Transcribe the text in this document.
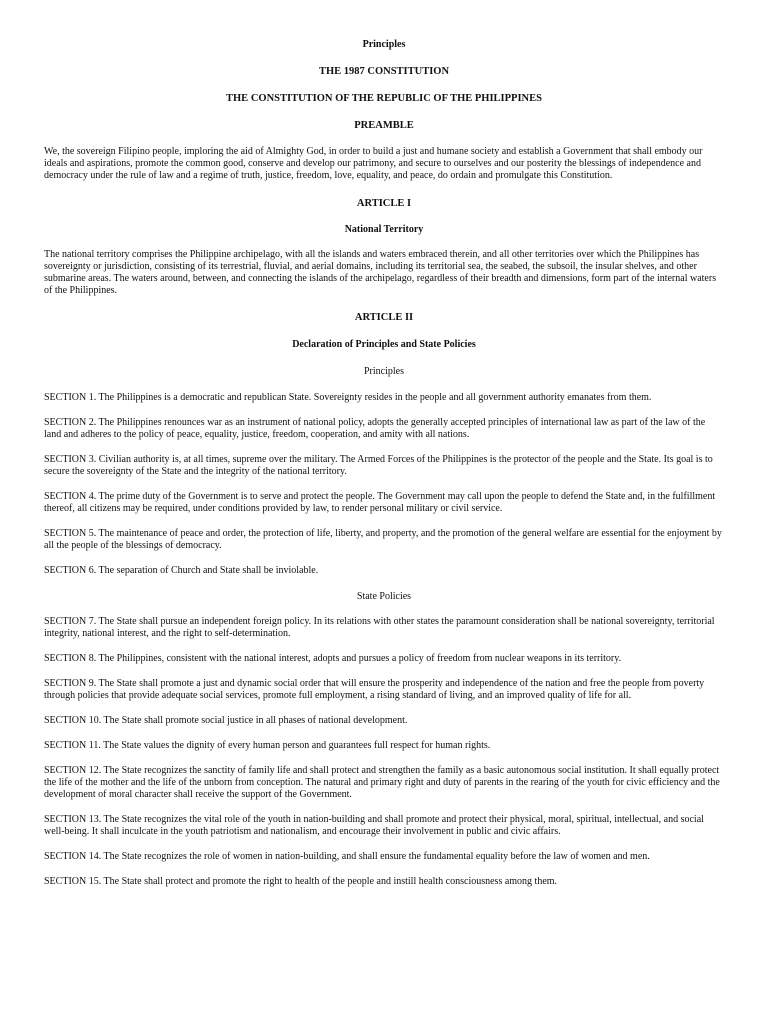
Principles

THE 1987 CONSTITUTION

THE CONSTITUTION OF THE REPUBLIC OF THE PHILIPPINES

PREAMBLE

We, the sovereign Filipino people, imploring the aid of Almighty God, in order to build a just and humane society and establish a Government that shall embody our ideals and aspirations, promote the common good, conserve and develop our patrimony, and secure to ourselves and our posterity the blessings of independence and democracy under the rule of law and a regime of truth, justice, freedom, love, equality, and peace, do ordain and promulgate this Constitution.

ARTICLE I

National Territory

The national territory comprises the Philippine archipelago, with all the islands and waters embraced therein, and all other territories over which the Philippines has sovereignty or jurisdiction, consisting of its terrestrial, fluvial, and aerial domains, including its territorial sea, the seabed, the subsoil, the insular shelves, and other submarine areas. The waters around, between, and connecting the islands of the archipelago, regardless of their breadth and dimensions, form part of the internal waters of the Philippines.

ARTICLE II

Declaration of Principles and State Policies

Principles

SECTION 1. The Philippines is a democratic and republican State. Sovereignty resides in the people and all government authority emanates from them.

SECTION 2. The Philippines renounces war as an instrument of national policy, adopts the generally accepted principles of international law as part of the law of the land and adheres to the policy of peace, equality, justice, freedom, cooperation, and amity with all nations.

SECTION 3. Civilian authority is, at all times, supreme over the military. The Armed Forces of the Philippines is the protector of the people and the State. Its goal is to secure the sovereignty of the State and the integrity of the national territory.

SECTION 4. The prime duty of the Government is to serve and protect the people. The Government may call upon the people to defend the State and, in the fulfillment thereof, all citizens may be required, under conditions provided by law, to render personal military or civil service.

SECTION 5. The maintenance of peace and order, the protection of life, liberty, and property, and the promotion of the general welfare are essential for the enjoyment by all the people of the blessings of democracy.

SECTION 6. The separation of Church and State shall be inviolable.

State Policies

SECTION 7. The State shall pursue an independent foreign policy. In its relations with other states the paramount consideration shall be national sovereignty, territorial integrity, national interest, and the right to self-determination.

SECTION 8. The Philippines, consistent with the national interest, adopts and pursues a policy of freedom from nuclear weapons in its territory.

SECTION 9. The State shall promote a just and dynamic social order that will ensure the prosperity and independence of the nation and free the people from poverty through policies that provide adequate social services, promote full employment, a rising standard of living, and an improved quality of life for all.

SECTION 10. The State shall promote social justice in all phases of national development.

SECTION 11. The State values the dignity of every human person and guarantees full respect for human rights.

SECTION 12. The State recognizes the sanctity of family life and shall protect and strengthen the family as a basic autonomous social institution. It shall equally protect the life of the mother and the life of the unborn from conception. The natural and primary right and duty of parents in the rearing of the youth for civic efficiency and the development of moral character shall receive the support of the Government.

SECTION 13. The State recognizes the vital role of the youth in nation-building and shall promote and protect their physical, moral, spiritual, intellectual, and social well-being. It shall inculcate in the youth patriotism and nationalism, and encourage their involvement in public and civic affairs.

SECTION 14. The State recognizes the role of women in nation-building, and shall ensure the fundamental equality before the law of women and men.

SECTION 15. The State shall protect and promote the right to health of the people and instill health consciousness among them.
